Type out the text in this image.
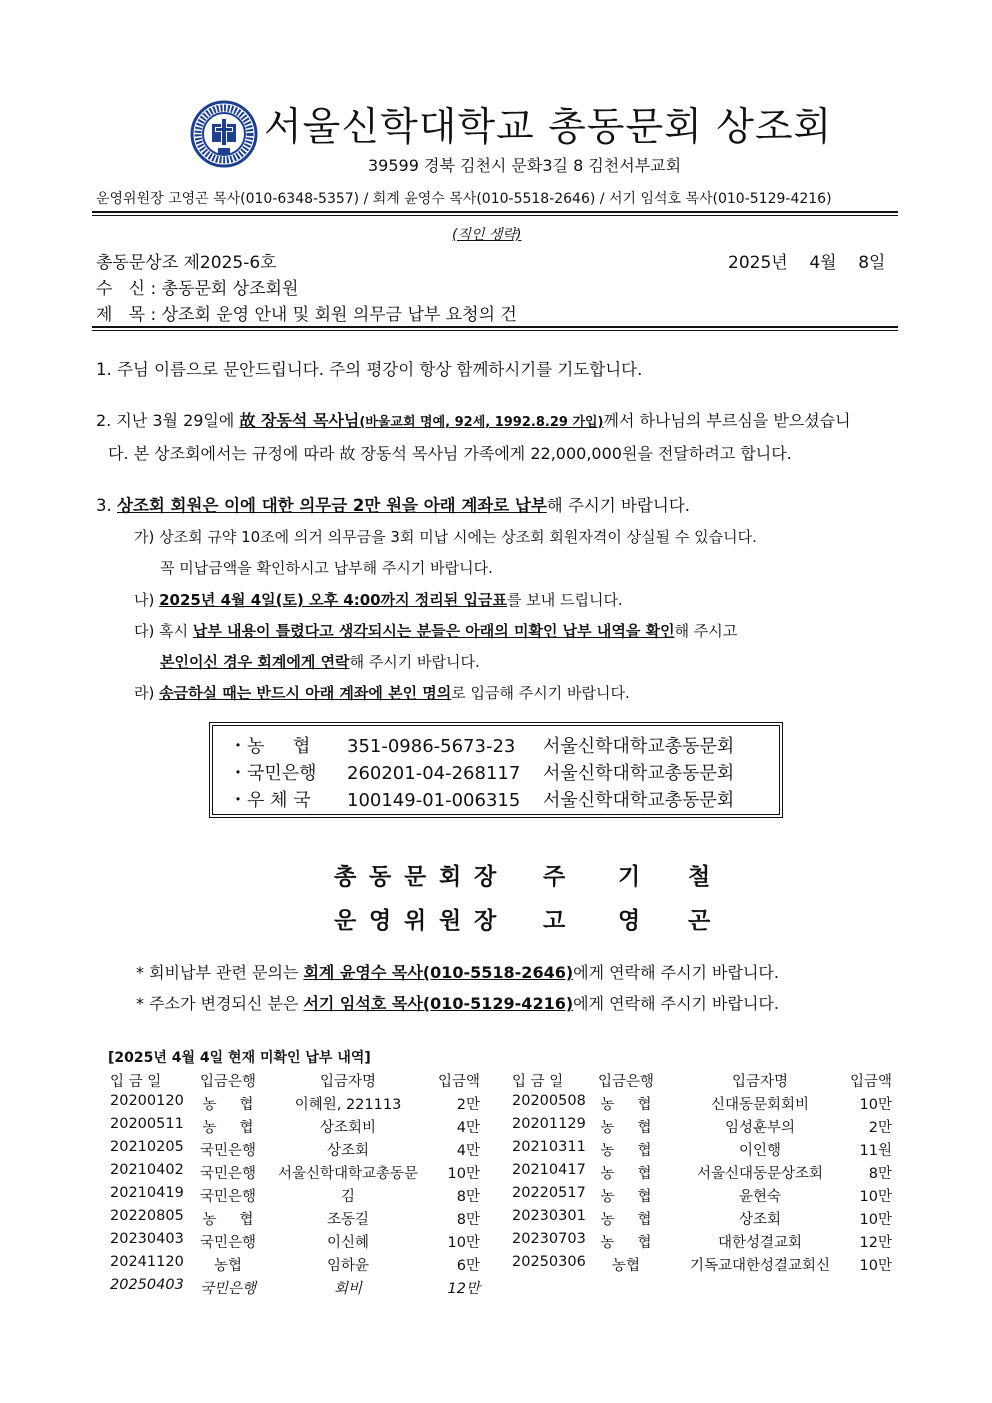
서울신학대학교 총동문회 상조회
39599 경북 김천시 문화3길 8 김천서부교회
운영위원장 고영곤 목사(010-6348-5357) / 회계 윤영수 목사(010-5518-2646) / 서기 임석호 목사(010-5129-4216)
(직인 생략)
총동문상조 제2025-6호	2025년 4월 8일
수   신 : 총동문회 상조회원
제   목 : 상조회 운영 안내 및 회원 의무금 납부 요청의 건
1. 주님 이름으로 문안드립니다. 주의 평강이 항상 함께하시기를 기도합니다.
2. 지난 3월 29일에 故 장동석 목사님(바울교회 명예, 92세, 1992.8.29 가입)께서 하나님의 부르심을 받으셨습니
다. 본 상조회에서는 규정에 따라 故 장동석 목사님 가족에게 22,000,000원을 전달하려고 합니다.
3. 상조회 회원은 이에 대한 의무금 2만 원을 아래 계좌로 납부해 주시기 바랍니다.
가) 상조회 규약 10조에 의거 의무금을 3회 미납 시에는 상조회 회원자격이 상실될 수 있습니다.
꼭 미납금액을 확인하시고 납부해 주시기 바랍니다.
나) 2025년 4월 4일(토) 오후 4:00까지 정리된 입금표를 보내 드립니다.
다) 혹시 납부 내용이 틀렸다고 생각되시는 분들은 아래의 미확인 납부 내역을 확인해 주시고
본인이신 경우 회계에게 연락해 주시기 바랍니다.
라) 송금하실 때는 반드시 아래 계좌에 본인 명의로 입금해 주시기 바랍니다.
・농     협 351-0986-5673-23 서울신학대학교총동문회
・국민은행 260201-04-268117 서울신학대학교총동문회
・우 체 국 100149-01-006315 서울신학대학교총동문회
총 동 문 회 장 주 기 철
운 영 위 원 장 고 영 곤
* 회비납부 관련 문의는 회계 윤영수 목사(010-5518-2646)에게 연락해 주시기 바랍니다.
* 주소가 변경되신 분은 서기 임석호 목사(010-5129-4216)에게 연락해 주시기 바랍니다.
[2025년 4월 4일 현재 미확인 납부 내역]
입 금 일	입금은행	입금자명	입금액
20200120	농     협	이혜원, 221113	2만
20200511	농     협	상조회비	4만
20210205 국민은행	상조회	4만
20210402 국민은행	서울신학대학교총동문	10만
20210419 국민은행	김	8만
20220805	농     협	조동길	8만
20230403 국민은행	이신혜	10만
20241120	농협	임하윤	6만
20250403 국민은행	회비	12만
입 금 일 입금은행	입금자명	입금액
20200508	농     협	신대동문회회비	10만
20201129	농     협	임성훈부의	2만
20210311	농     협	이인행	11원
20210417	농     협	서울신대동문상조회	8만
20220517	농     협	윤현숙	10만
20230301	농     협	상조회	10만
20230703	농     협	대한성결교회	12만
20250306	농협	기독교대한성결교회신	10만
